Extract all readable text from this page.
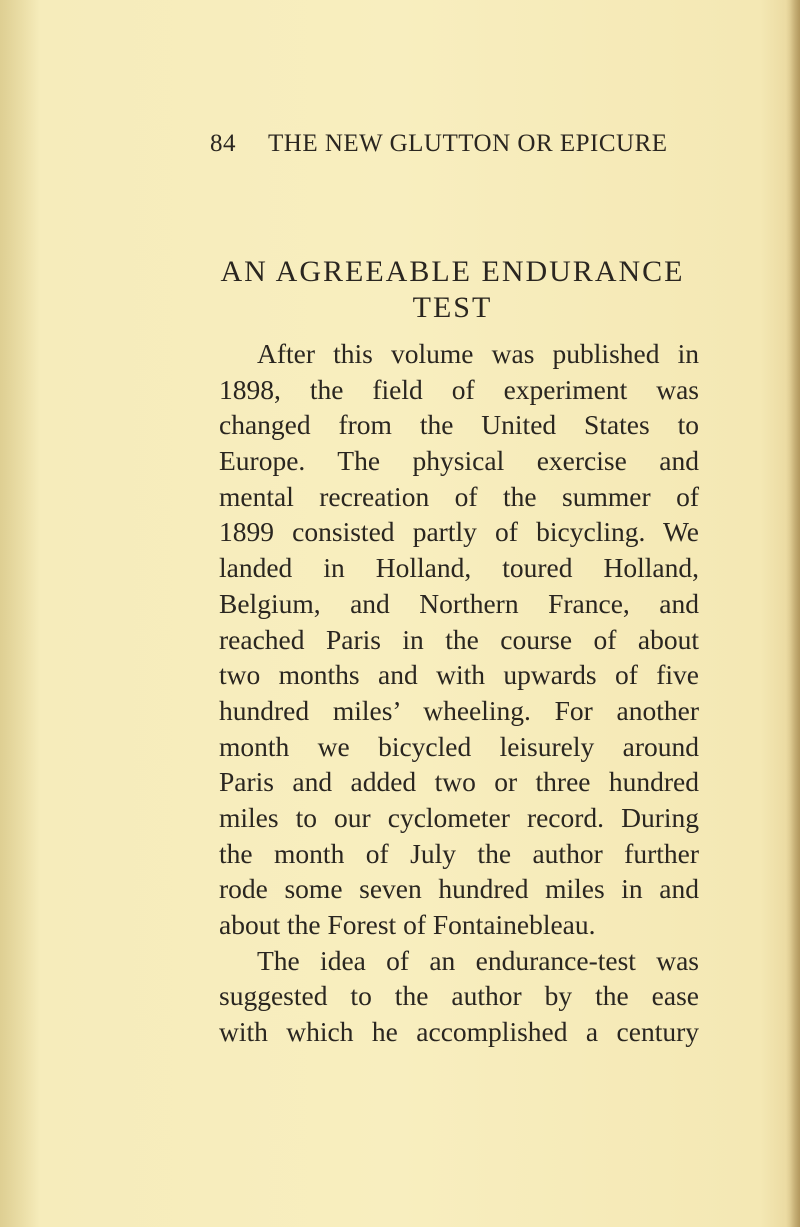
84 THE NEW GLUTTON OR EPICURE
AN AGREEABLE ENDURANCE
TEST
After this volume was published in
1898, the field of experiment was
changed from the United States to
Europe. The physical exercise and
mental recreation of the summer of
1899 consisted partly of bicycling. We
landed in Holland, toured Holland,
Belgium, and Northern France, and
reached Paris in the course of about
two months and with upwards of five
hundred miles’ wheeling. For another
month we bicycled leisurely around
Paris and added two or three hundred
miles to our cyclometer record. During
the month of July the author further
rode some seven hundred miles in and
about the Forest of Fontainebleau.
The idea of an endurance-test was
suggested to the author by the ease
with which he accomplished a century
